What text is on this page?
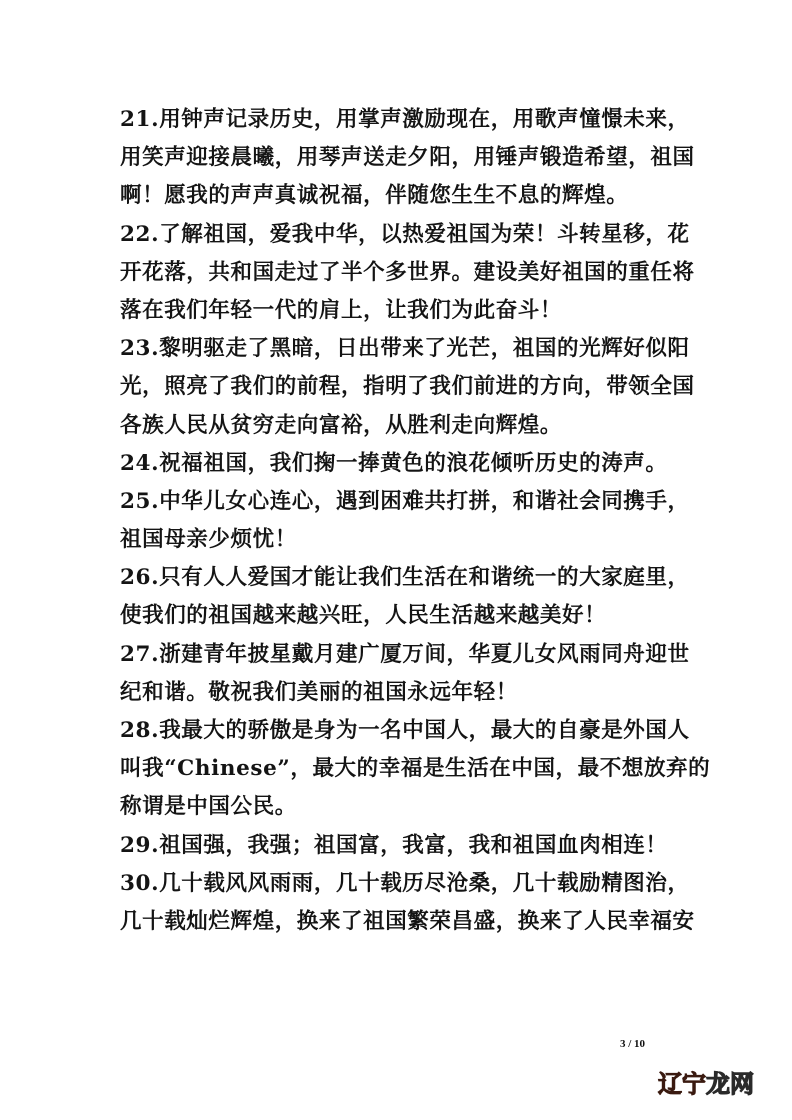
21.用钟声记录历史，用掌声激励现在，用歌声憧憬未来，
用笑声迎接晨曦，用琴声送走夕阳，用锤声锻造希望，祖国
啊！愿我的声声真诚祝福，伴随您生生不息的辉煌。
22.了解祖国，爱我中华，以热爱祖国为荣！斗转星移，花
开花落，共和国走过了半个多世界。建设美好祖国的重任将
落在我们年轻一代的肩上，让我们为此奋斗！
23.黎明驱走了黑暗，日出带来了光芒，祖国的光辉好似阳
光，照亮了我们的前程，指明了我们前进的方向，带领全国
各族人民从贫穷走向富裕，从胜利走向辉煌。
24.祝福祖国，我们掬一捧黄色的浪花倾听历史的涛声。
25.中华儿女心连心，遇到困难共打拼，和谐社会同携手，
祖国母亲少烦忧！
26.只有人人爱国才能让我们生活在和谐统一的大家庭里，
使我们的祖国越来越兴旺，人民生活越来越美好！
27.浙建青年披星戴月建广厦万间，华夏儿女风雨同舟迎世
纪和谐。敬祝我们美丽的祖国永远年轻！
28.我最大的骄傲是身为一名中国人，最大的自豪是外国人
叫我“Chinese”，最大的幸福是生活在中国，最不想放弃的
称谓是中国公民。
29.祖国强，我强；祖国富，我富，我和祖国血肉相连！
30.几十载风风雨雨，几十载历尽沧桑，几十载励精图治，
几十载灿烂辉煌，换来了祖国繁荣昌盛，换来了人民幸福安
3 / 10
辽宁龙网
